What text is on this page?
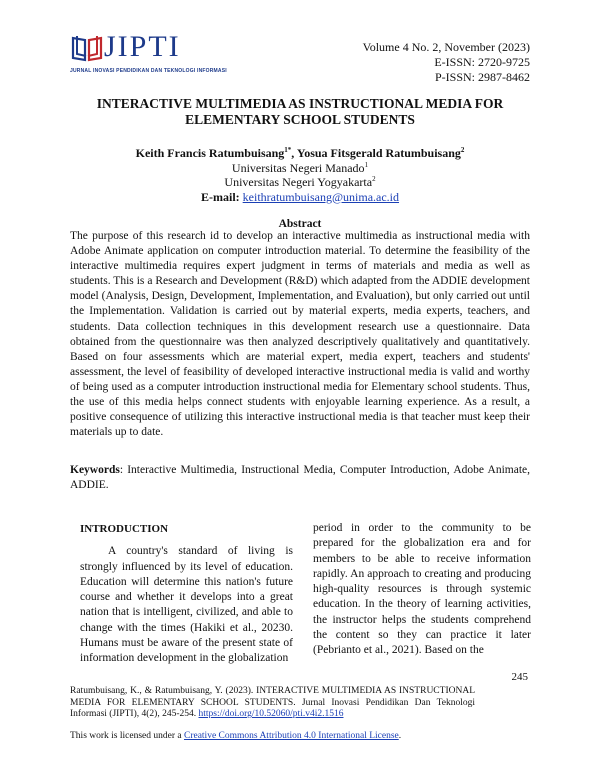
JIPTI
JURNAL INOVASI PENDIDIKAN DAN TEKNOLOGI INFORMASI
Volume 4 No. 2, November (2023)
E-ISSN: 2720-9725
P-ISSN: 2987-8462
INTERACTIVE MULTIMEDIA AS INSTRUCTIONAL MEDIA FOR
ELEMENTARY SCHOOL STUDENTS
Keith Francis Ratumbuisang$^{1*}$, Yosua Fitsgerald Ratumbuisang$^2$
Universitas Negeri Manado$^1$
Universitas Negeri Yogyakarta$^2$
E-mail: keithratumbuisang@unima.ac.id
Abstract
The purpose of this research id to develop an interactive multimedia as instructional media with Adobe Animate application on computer introduction material. To determine the feasibility of the interactive multimedia requires expert judgment in terms of materials and media as well as students. This is a Research and Development (R&D) which adapted from the ADDIE development model (Analysis, Design, Development, Implementation, and Evaluation), but only carried out until the Implementation. Validation is carried out by material experts, media experts, teachers, and students. Data collection techniques in this development research use a questionnaire. Data obtained from the questionnaire was then analyzed descriptively qualitatively and quantitatively. Based on four assessments which are material expert, media expert, teachers and students' assessment, the level of feasibility of developed interactive instructional media is valid and worthy of being used as a computer introduction instructional media for Elementary school students. Thus, the use of this media helps connect students with enjoyable learning experience. As a result, a positive consequence of utilizing this interactive instructional media is that teacher must keep their materials up to date.
Keywords: Interactive Multimedia, Instructional Media, Computer Introduction, Adobe Animate, ADDIE.
INTRODUCTION

A country's standard of living is strongly influenced by its level of education. Education will determine this nation's future course and whether it develops into a great nation that is intelligent, civilized, and able to change with the times (Hakiki et al., 20230. Humans must be aware of the present state of information development in the globalization

period in order to the community to be prepared for the globalization era and for members to be able to receive information rapidly. An approach to creating and producing high-quality resources is through systemic education. In the theory of learning activities, the instructor helps the students comprehend the content so they can practice it later (Pebrianto et al., 2021). Based on the

245
Ratumbuisang, K., & Ratumbuisang, Y. (2023). INTERACTIVE MULTIMEDIA AS INSTRUCTIONAL MEDIA FOR ELEMENTARY SCHOOL STUDENTS. Jurnal Inovasi Pendidikan Dan Teknologi Informasi (JIPTI), 4(2), 245-254. https://doi.org/10.52060/pti.v4i2.1516
This work is licensed under a Creative Commons Attribution 4.0 International License.
